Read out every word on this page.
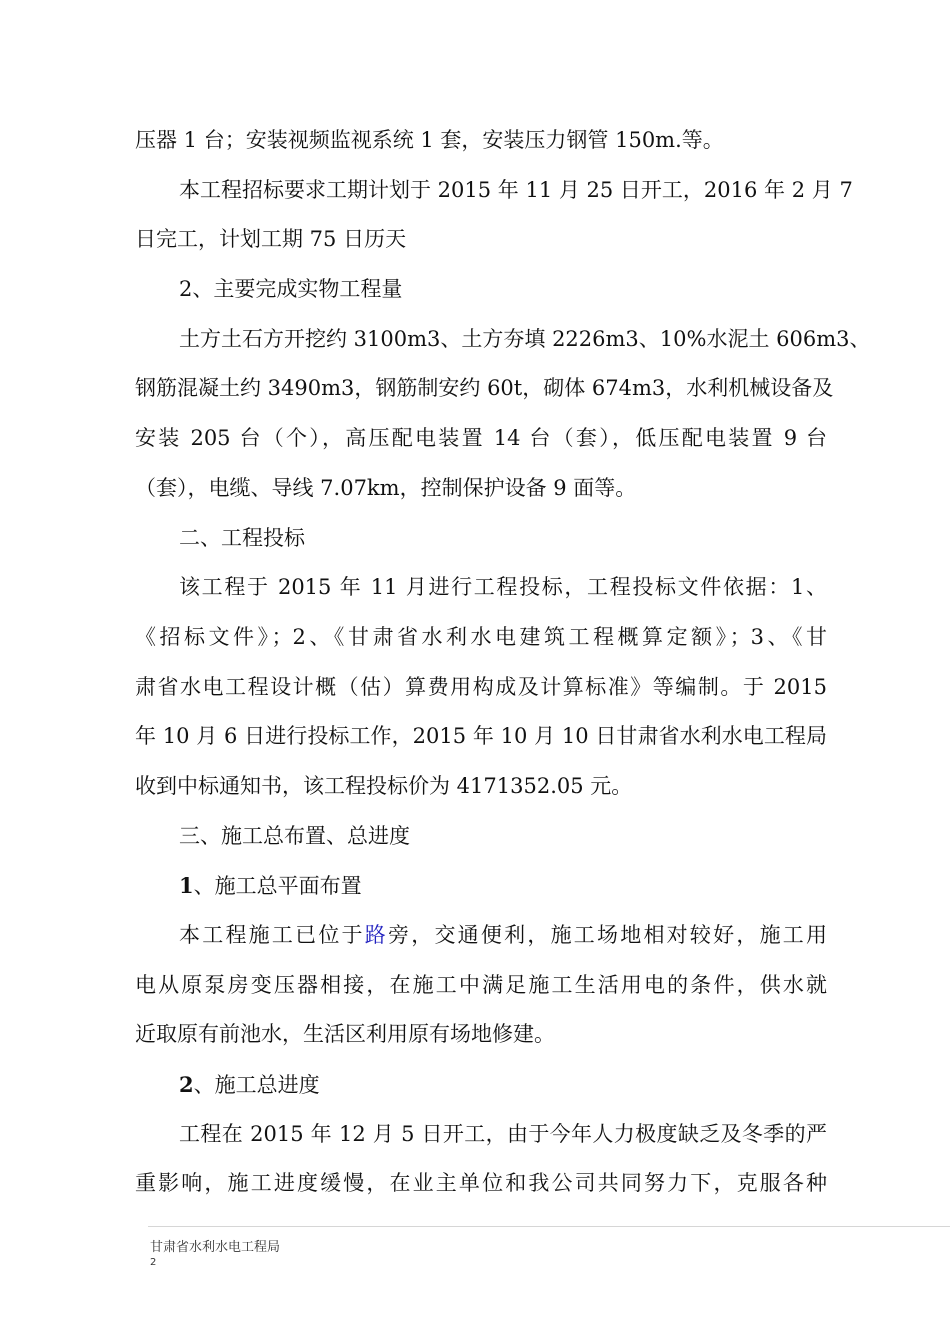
压器 1 台；安装视频监视系统 1 套，安装压力钢管 150m.等。
本工程招标要求工期计划于 2015 年 11 月 25 日开工，2016 年 2 月 7
日完工，计划工期 75 日历天
2、主要完成实物工程量
土方土石方开挖约 3100m3、土方夯填 2226m3、10%水泥土 606m3、
钢筋混凝土约 3490m3，钢筋制安约 60t，砌体 674m3，水利机械设备及
安装 205 台（个），高压配电装置 14 台（套），低压配电装置 9 台
（套），电缆、导线 7.07km，控制保护设备 9 面等。
二、工程投标
该工程于 2015 年 11 月进行工程投标，工程投标文件依据：1、
《招标文件》；2、《甘肃省水利水电建筑工程概算定额》；3、《甘
肃省水电工程设计概（估）算费用构成及计算标准》等编制。于 2015
年 10 月 6 日进行投标工作，2015 年 10 月 10 日甘肃省水利水电工程局
收到中标通知书，该工程投标价为 4171352.05 元。
三、施工总布置、总进度
1、施工总平面布置
本工程施工已位于路旁，交通便利，施工场地相对较好，施工用
电从原泵房变压器相接，在施工中满足施工生活用电的条件，供水就
近取原有前池水，生活区利用原有场地修建。
2、施工总进度
工程在 2015 年 12 月 5 日开工，由于今年人力极度缺乏及冬季的严
重影响，施工进度缓慢，在业主单位和我公司共同努力下，克服各种
甘肃省水利水电工程局
2
